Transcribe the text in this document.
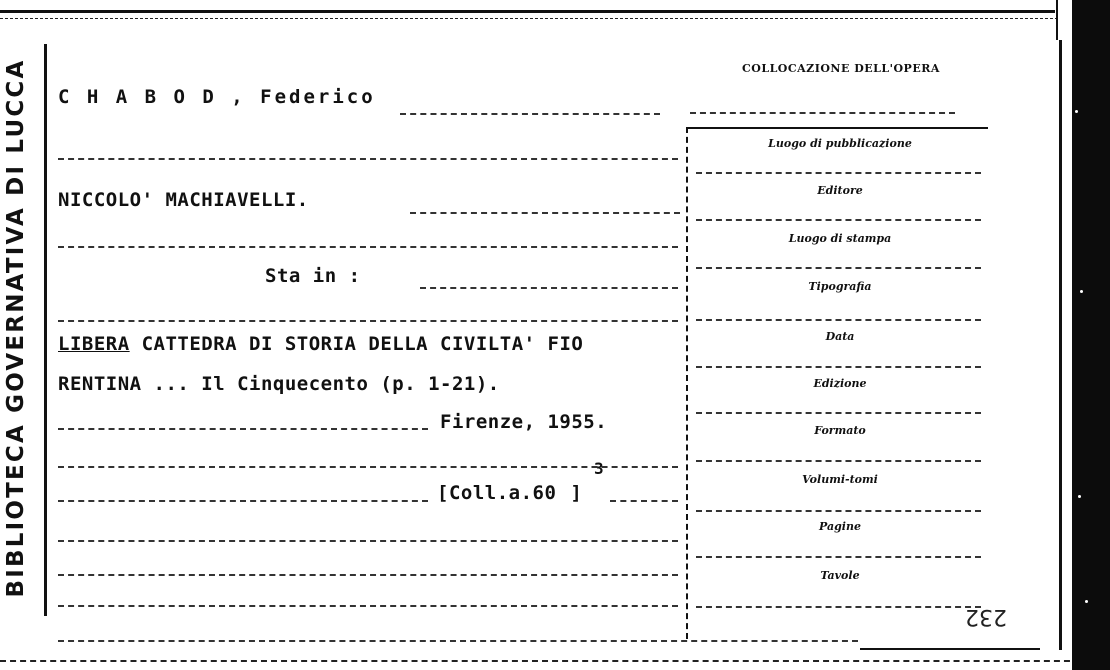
BIBLIOTECA GOVERNATIVA DI LUCCA C H A B O D , Federico
NICCOLO' MACHIAVELLI.
Sta in :
LIBERA CATTEDRA DI STORIA DELLA CIVILTA' FIO
RENTINA ... Il Cinquecento (p. 1-21).
Firenze, 1955.
[Coll.a.60 ]
3
COLLOCAZIONE DELL'OPERA
Luogo di pubblicazione
Editore
Luogo di stampa
Tipografia
Data
Edizione
Formato
Volumi-tomi
Pagine
Tavole
232
